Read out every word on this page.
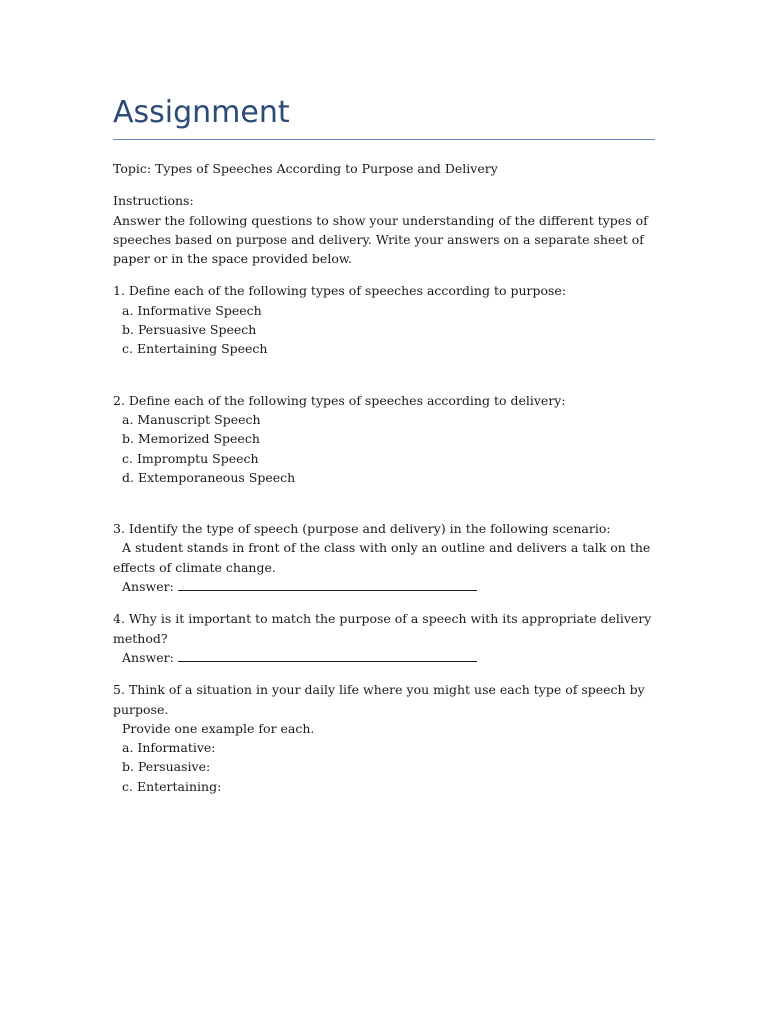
Assignment

Topic: Types of Speeches According to Purpose and Delivery

Instructions:

Answer the following questions to show your understanding of the different types of speeches based on purpose and delivery. Write your answers on a separate sheet of paper or in the space provided below.

1. Define each of the following types of speeches according to purpose:

a. Informative Speech

b. Persuasive Speech

c. Entertaining Speech

2. Define each of the following types of speeches according to delivery:

a. Manuscript Speech

b. Memorized Speech

c. Impromptu Speech

d. Extemporaneous Speech

3. Identify the type of speech (purpose and delivery) in the following scenario:

A student stands in front of the class with only an outline and delivers a talk on the effects of climate change.

Answer:

4. Why is it important to match the purpose of a speech with its appropriate delivery method?

Answer:

5. Think of a situation in your daily life where you might use each type of speech by purpose.

Provide one example for each.

a. Informative:

b. Persuasive:

c. Entertaining:
